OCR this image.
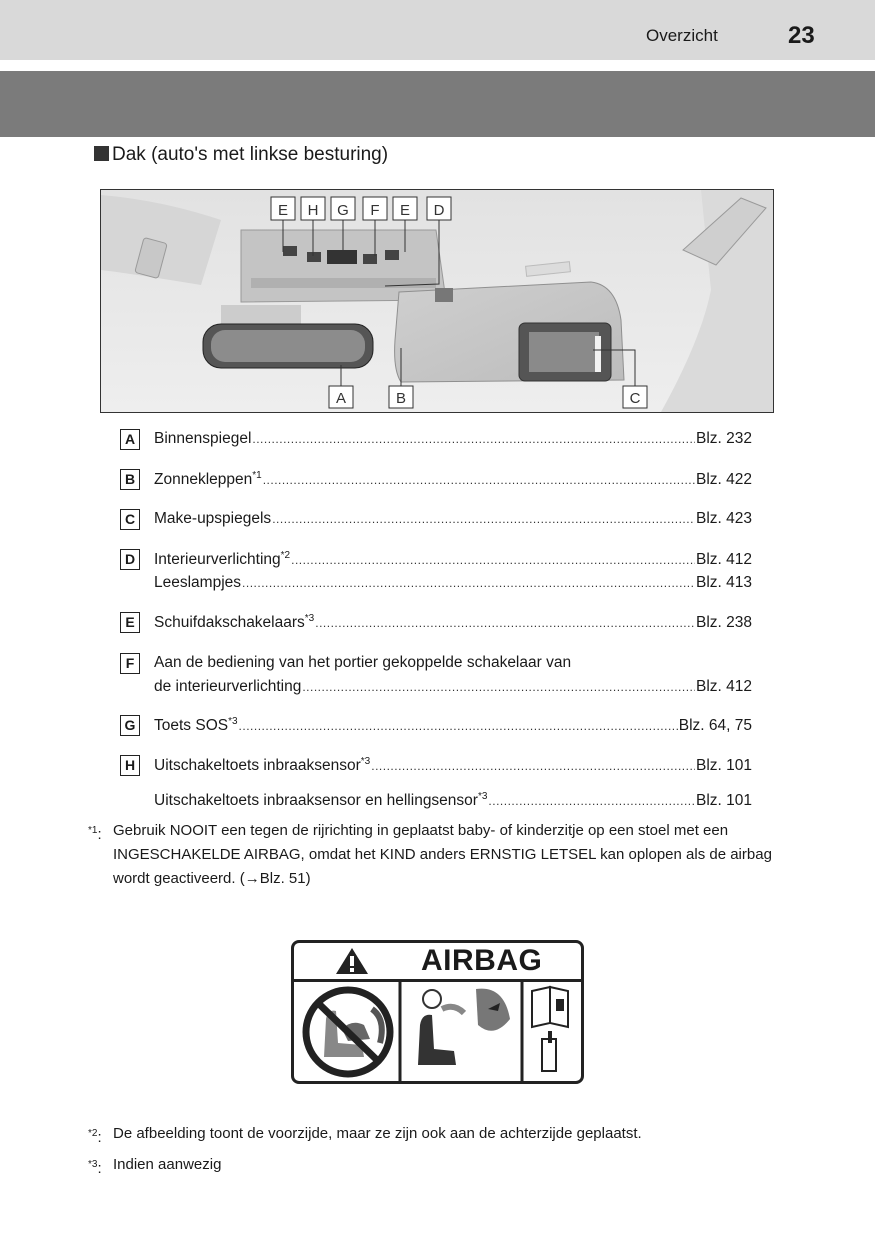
Overzicht	23
Dak (auto's met linkse besturing)
E H G F E D
A	B	C
A	Binnenspiegel .....	Blz. 232
B	Zonnekleppen$^{*1}$ .....	Blz. 422
C	Make-upspiegels .....	Blz. 423
D	Interieurverlichting$^{*2}$ .....	Blz. 412
Leeslampjes .....	Blz. 413
E	Schuifdakschakelaars$^{*3}$ .....	Blz. 238
F	Aan de bediening van het portier gekoppelde schakelaar van
de interieurverlichting .....	Blz. 412
G Toets SOS$^{*3}$ .....	Blz. 64, 75
H	Uitschakeltoets inbraaksensor$^{*3}$ .....	Blz. 101
Uitschakeltoets inbraaksensor en hellingsensor$^{*3}$ .....	Blz. 101
$^{*1}$: Gebruik NOOIT een tegen de rijrichting in geplaatst baby- of kinderzitje op een stoel met een INGESCHAKELDE AIRBAG, omdat het KIND anders ERNSTIG LETSEL kan oplopen als de airbag wordt geactiveerd. (→Blz. 51)
AIRBAG
$^{*2}$: De afbeelding toont de voorzijde, maar ze zijn ook aan de achterzijde geplaatst.
$^{*3}$: Indien aanwezig
